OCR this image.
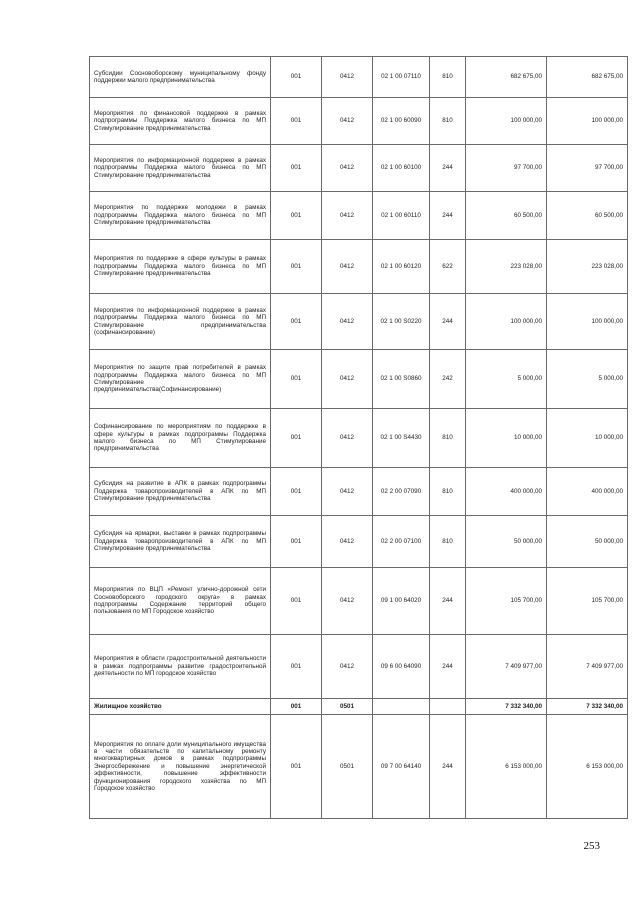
Субсидии Сосновоборскому муниципальному фонду поддержки малого предпринимательства	001	0412	02 1 00 07110	810	682 675,00	682 675,00
Мероприятия по финансовой поддержке в рамках подпрограммы Поддержка малого бизнеса по МП Стимулирование предпринимательства	001	0412	02 1 00 60090	810	100 000,00	100 000,00
Мероприятия по информационной поддержке в рамках подпрограммы Поддержка малого бизнеса по МП Стимулирование предпринимательства	001	0412	02 1 00 60100	244	97 700,00	97 700,00
Мероприятия по поддержке молодежи в рамках подпрограммы Поддержка малого бизнеса по МП Стимулирование предпринимательства	001	0412	02 1 00 60110	244	60 500,00	60 500,00
Мероприятия по поддержке в сфере культуры в рамках подпрограммы Поддержка малого бизнеса по МП Стимулирование предпринимательства	001	0412	02 1 00 60120	622	223 028,00	223 028,00
Мероприятия по информационной поддержке в рамках подпрограммы Поддержка малого бизнеса по МП Стимулирование предпринимательства (софинансирование)	001	0412	02 1 00 S0220	244	100 000,00	100 000,00
Мероприятия по защите прав потребителей в рамках подпрограммы Поддержка малого бизнеса по МП Стимулирование предпринимательства(Софинансирование)	001	0412	02 1 00 S0860	242	5 000,00	5 000,00
Софинансирование по мероприятиям по поддержке в сфере культуры в рамках подпрограммы Поддержка малого бизнеса по МП Стимулирование предпринимательства	001	0412	02 1 00 S4430	810	10 000,00	10 000,00
Субсидия на развитие в АПК в рамках подпрограммы Поддержка товаропроизводителей в АПК по МП Стимулирование предпринимательства	001	0412	02 2 00 07090	810	400 000,00	400 000,00
Субсидия на ярмарки, выставки в рамках подпрограммы Поддержка товаропроизводителей в АПК по МП Стимулирование предпринимательства	001	0412	02 2 00 07100	810	50 000,00	50 000,00
Мероприятия по ВЦП «Ремонт улично-дорожной сети Сосновоборского городского округа» в рамках подпрограммы Содержание территорий общего пользования по МП Городское хозяйство	001	0412	09 1 00 64020	244	105 700,00	105 700,00
Мероприятия в области градостроительной деятельности в рамках подпрограммы развитие градостроительной деятельности по МП городское хозяйство	001	0412	09 6 00 64090	244	7 409 977,00	7 409 977,00
Жилищное хозяйство	001	0501			7 332 340,00	7 332 340,00
Мероприятия по оплате доли муниципального имущества в части обязательств по капитальному ремонту многоквартирных домов в рамках подпрограммы Энергосбережение и повышение энергетической эффективности, повышение эффективности функционирования городского хозяйства по МП Городское хозяйство	001	0501	09 7 00 64140	244	6 153 000,00	6 153 000,00
253
